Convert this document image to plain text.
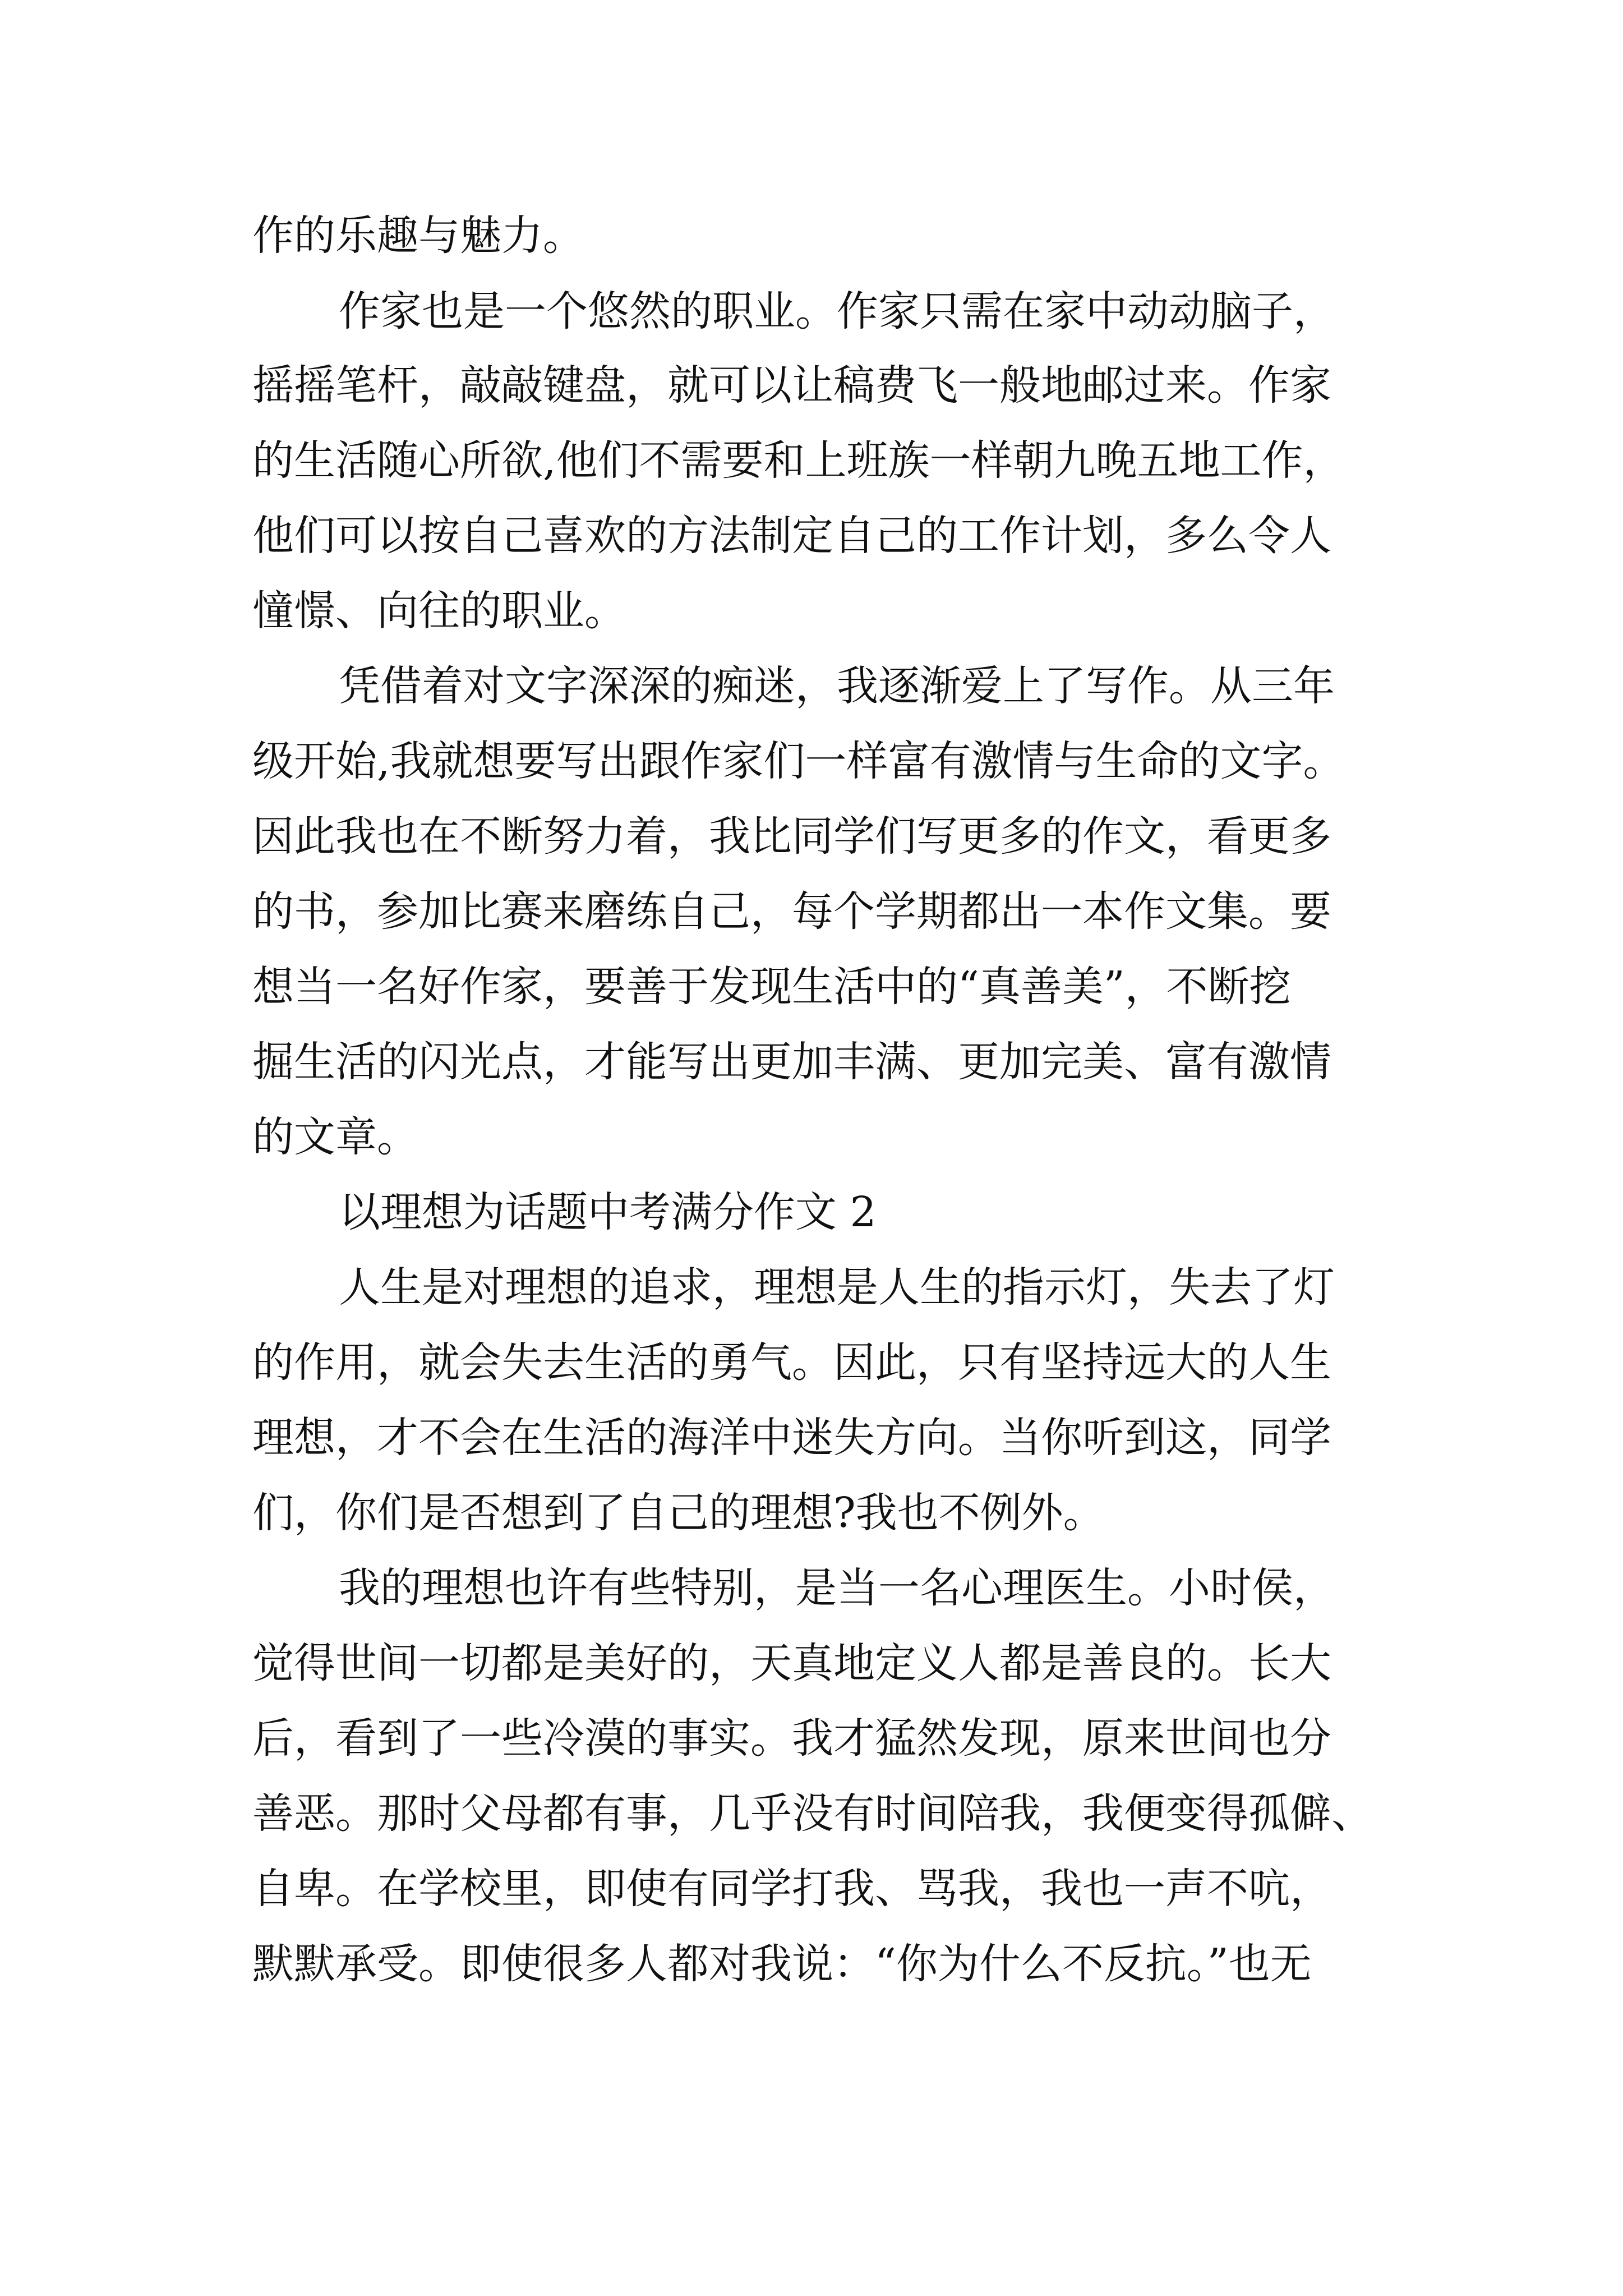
作的乐趣与魅力。

作家也是一个悠然的职业。作家只需在家中动动脑子，

摇摇笔杆，敲敲键盘，就可以让稿费飞一般地邮过来。作家

的生活随心所欲,他们不需要和上班族一样朝九晚五地工作，

他们可以按自己喜欢的方法制定自己的工作计划，多么令人

憧憬、向往的职业。

凭借着对文字深深的痴迷，我逐渐爱上了写作。从三年

级开始,我就想要写出跟作家们一样富有激情与生命的文字。

因此我也在不断努力着，我比同学们写更多的作文，看更多

的书，参加比赛来磨练自己，每个学期都出一本作文集。要

想当一名好作家，要善于发现生活中的“真善美”，不断挖

掘生活的闪光点，才能写出更加丰满、更加完美、富有激情

的文章。

以理想为话题中考满分作文 2

人生是对理想的追求，理想是人生的指示灯，失去了灯

的作用，就会失去生活的勇气。因此，只有坚持远大的人生

理想，才不会在生活的海洋中迷失方向。当你听到这，同学

们，你们是否想到了自己的理想?我也不例外。

我的理想也许有些特别，是当一名心理医生。小时侯，

觉得世间一切都是美好的，天真地定义人都是善良的。长大

后，看到了一些冷漠的事实。我才猛然发现，原来世间也分

善恶。那时父母都有事，几乎没有时间陪我，我便变得孤僻、

自卑。在学校里，即使有同学打我、骂我，我也一声不吭，

默默承受。即使很多人都对我说：“你为什么不反抗。”也无
